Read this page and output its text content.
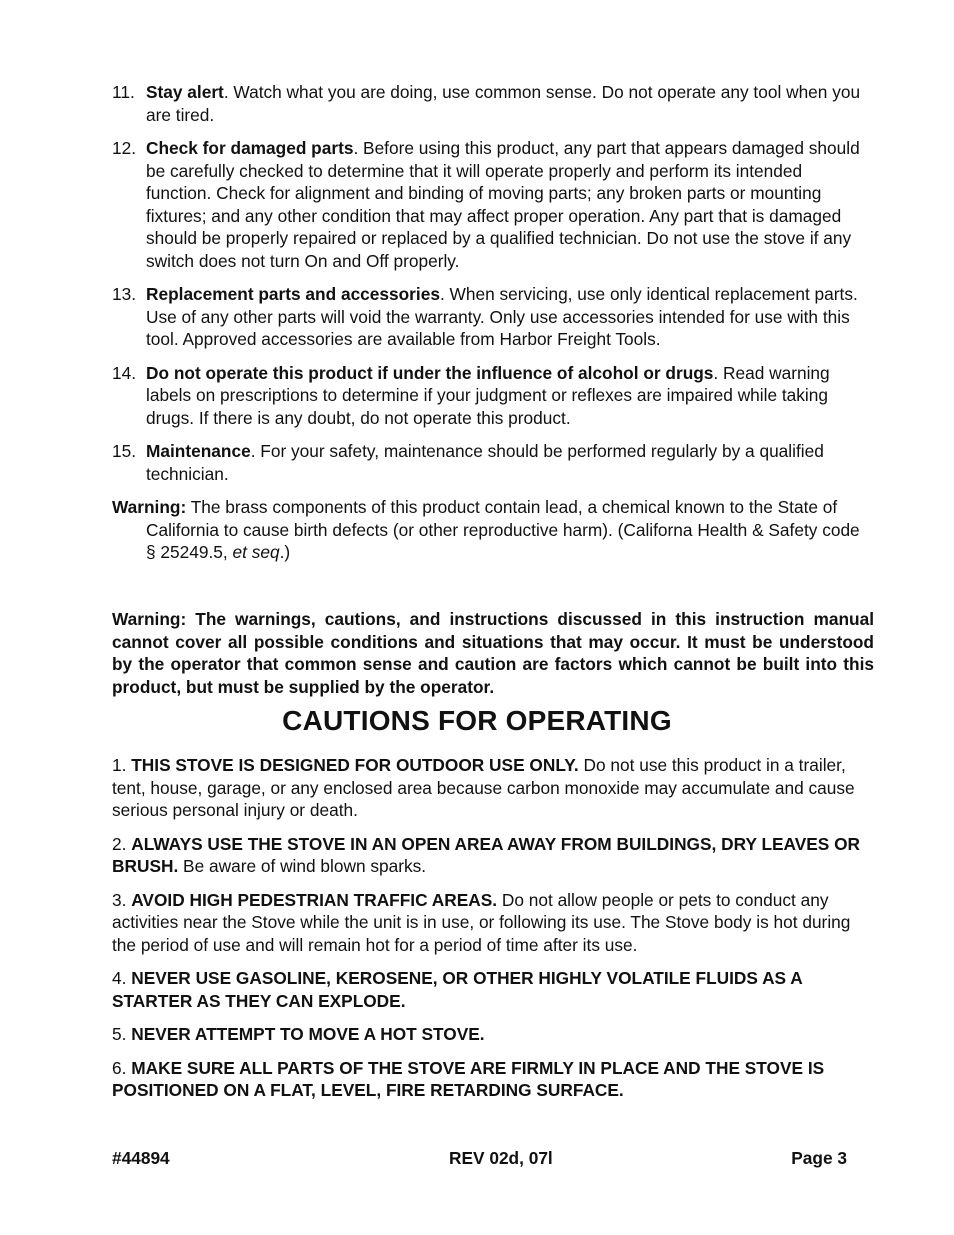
11. Stay alert. Watch what you are doing, use common sense. Do not operate any tool when you are tired.
12. Check for damaged parts. Before using this product, any part that appears damaged should be carefully checked to determine that it will operate properly and perform its intended function. Check for alignment and binding of moving parts; any broken parts or mounting fixtures; and any other condition that may affect proper operation. Any part that is damaged should be properly repaired or replaced by a qualified technician. Do not use the stove if any switch does not turn On and Off properly.
13. Replacement parts and accessories. When servicing, use only identical replacement parts. Use of any other parts will void the warranty. Only use accessories intended for use with this tool. Approved accessories are available from Harbor Freight Tools.
14. Do not operate this product if under the influence of alcohol or drugs. Read warning labels on prescriptions to determine if your judgment or reflexes are impaired while taking drugs. If there is any doubt, do not operate this product.
15. Maintenance. For your safety, maintenance should be performed regularly by a qualified technician.
Warning: The brass components of this product contain lead, a chemical known to the State of California to cause birth defects (or other reproductive harm). (Californa Health & Safety code § 25249.5, et seq.)
Warning: The warnings, cautions, and instructions discussed in this instruction manual cannot cover all possible conditions and situations that may occur. It must be understood by the operator that common sense and caution are factors which cannot be built into this product, but must be supplied by the operator.
CAUTIONS FOR OPERATING
1. THIS STOVE IS DESIGNED FOR OUTDOOR USE ONLY. Do not use this product in a trailer, tent, house, garage, or any enclosed area because carbon monoxide may accumulate and cause serious personal injury or death.
2. ALWAYS USE THE STOVE IN AN OPEN AREA AWAY FROM BUILDINGS, DRY LEAVES OR BRUSH. Be aware of wind blown sparks.
3. AVOID HIGH PEDESTRIAN TRAFFIC AREAS. Do not allow people or pets to conduct any activities near the Stove while the unit is in use, or following its use. The Stove body is hot during the period of use and will remain hot for a period of time after its use.
4. NEVER USE GASOLINE, KEROSENE, OR OTHER HIGHLY VOLATILE FLUIDS AS A STARTER AS THEY CAN EXPLODE.
5. NEVER ATTEMPT TO MOVE A HOT STOVE.
6. MAKE SURE ALL PARTS OF THE STOVE ARE FIRMLY IN PLACE AND THE STOVE IS POSITIONED ON A FLAT, LEVEL, FIRE RETARDING SURFACE.
#44894	REV 02d, 07l	Page 3
